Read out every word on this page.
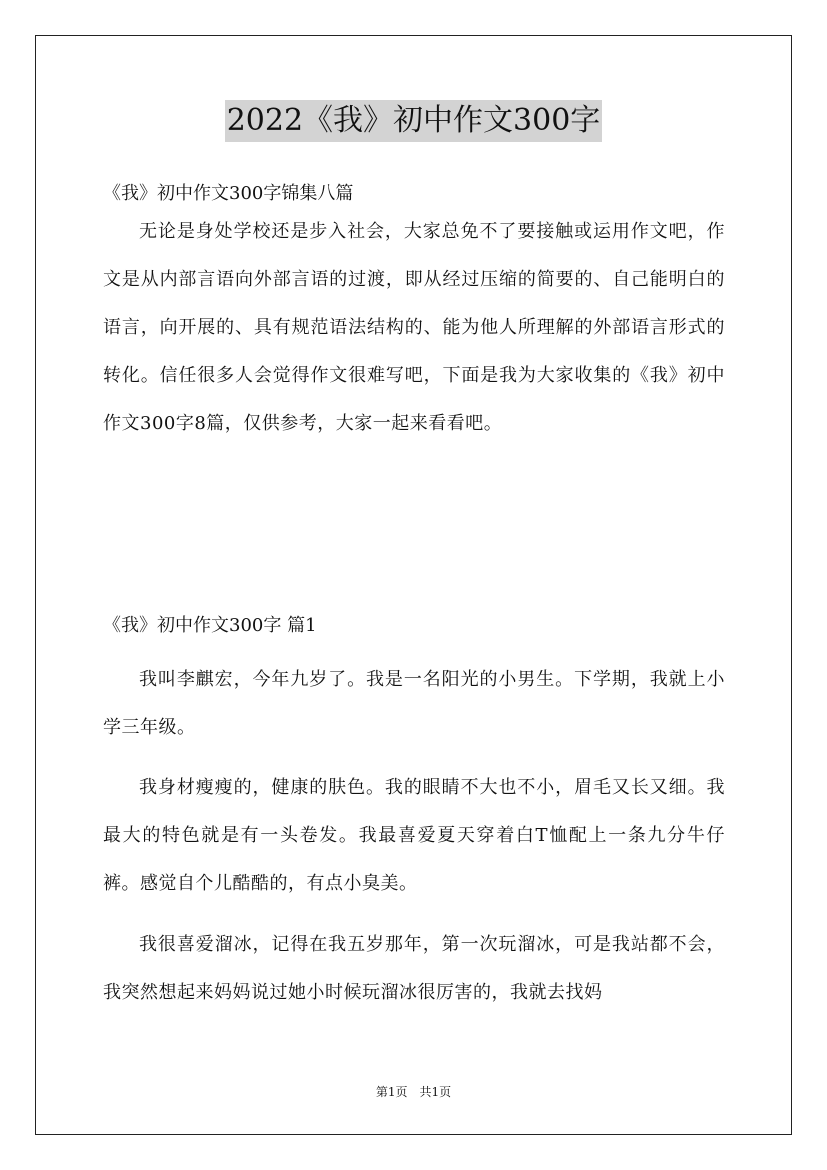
2022《我》初中作文300字
《我》初中作文300字锦集八篇

无论是身处学校还是步入社会，大家总免不了要接触或运用作文吧，作文是从内部言语向外部言语的过渡，即从经过压缩的简要的、自己能明白的语言，向开展的、具有规范语法结构的、能为他人所理解的外部语言形式的转化。信任很多人会觉得作文很难写吧，下面是我为大家收集的《我》初中作文300字8篇，仅供参考，大家一起来看看吧。

《我》初中作文300字 篇1

我叫李麒宏，今年九岁了。我是一名阳光的小男生。下学期，我就上小学三年级。

我身材瘦瘦的，健康的肤色。我的眼睛不大也不小，眉毛又长又细。我最大的特色就是有一头卷发。我最喜爱夏天穿着白T恤配上一条九分牛仔裤。感觉自个儿酷酷的，有点小臭美。

我很喜爱溜冰，记得在我五岁那年，第一次玩溜冰，可是我站都不会，我突然想起来妈妈说过她小时候玩溜冰很厉害的，我就去找妈

第1页 共1页
